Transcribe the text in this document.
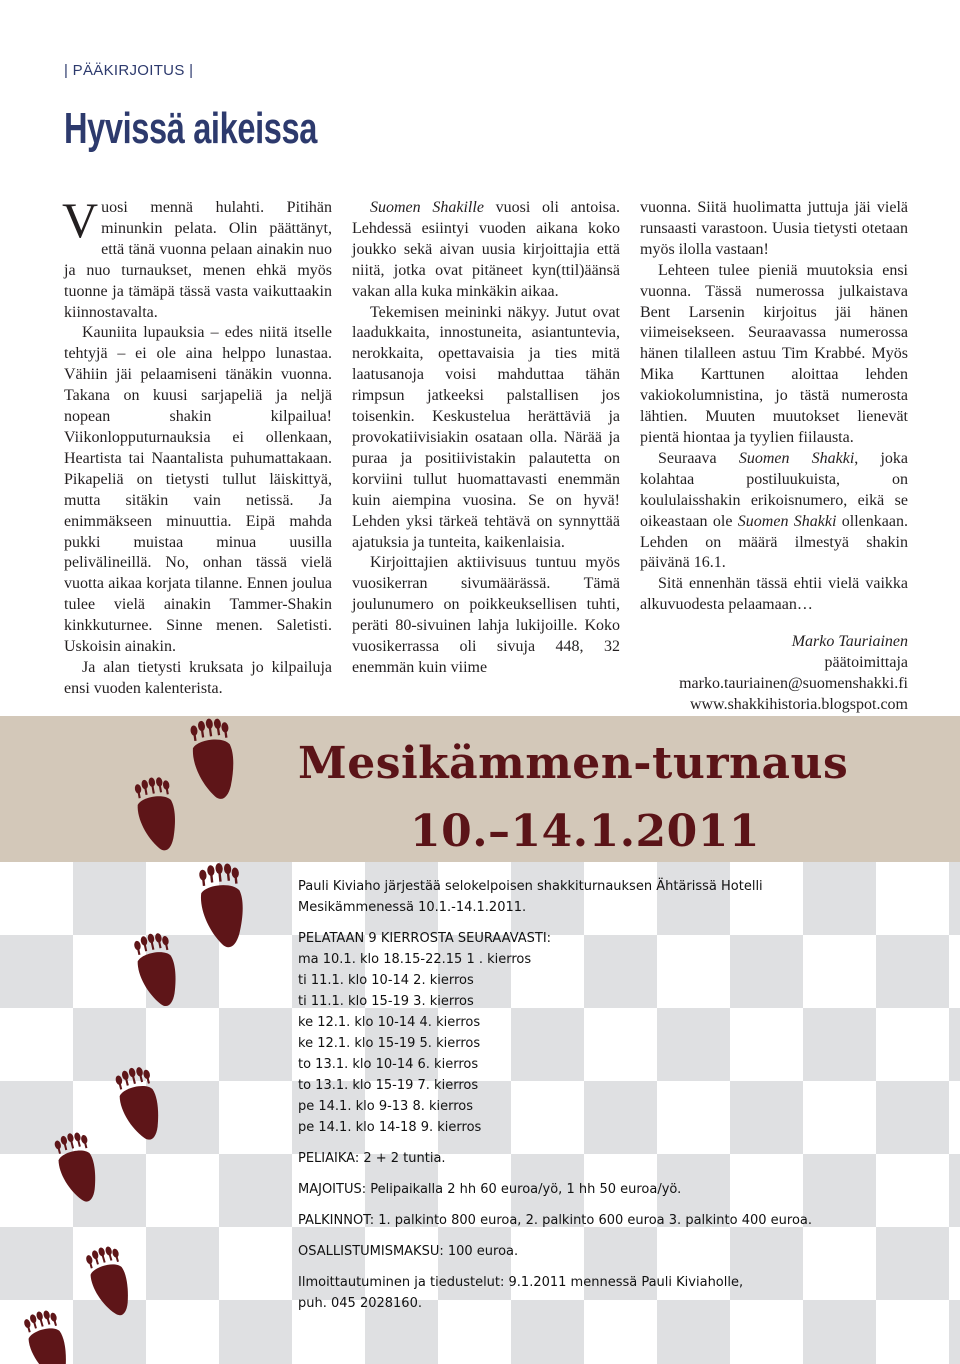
| PÄÄKIRJOITUS |
Hyvissä aikeissa

Vuosi mennä hulahti. Pitihän minunkin pelata. Olin päättänyt, että tänä vuonna pelaan ainakin nuo ja nuo turnaukset, menen ehkä myös tuonne ja tämäpä tässä vasta vaikuttaakin kiinnostavalta.

Kauniita lupauksia – edes niitä itselle tehtyjä – ei ole aina helppo lunastaa. Vähiin jäi pelaamiseni tänäkin vuonna. Takana on kuusi sarjapeliä ja neljä nopean shakin kilpailua! Viikonlopputurnauksia ei ollenkaan, Heartista tai Naantalista puhumattakaan. Pikapeliä on tietysti tullut läiskittyä, mutta sitäkin vain netissä. Ja enimmäkseen minuuttia. Eipä mahda pukki muistaa minua uusilla pelivälineillä. No, onhan tässä vielä vuotta aikaa korjata tilanne. Ennen joulua tulee vielä ainakin Tammer-Shakin kinkkuturnee. Sinne menen. Saletisti. Uskoisin ainakin.

Ja alan tietysti kruksata jo kilpailuja ensi vuoden kalenterista.

Suomen Shakille vuosi oli antoisa. Lehdessä esiintyi vuoden aikana koko joukko sekä aivan uusia kirjoittajia että niitä, jotka ovat pitäneet kyn(ttil)äänsä vakan alla kuka minkäkin aikaa.

Tekemisen meininki näkyy. Jutut ovat laadukkaita, innostuneita, asiantuntevia, nerokkaita, opettavaisia ja ties mitä laatusanoja voisi mahduttaa tähän rimpsun jatkeeksi palstallisen jos toisenkin. Keskustelua herättäviä ja provokatiivisiakin osataan olla. Närää ja puraa ja positiivistakin palautetta on korviini tullut huomattavasti enemmän kuin aiempina vuosina. Se on hyvä! Lehden yksi tärkeä tehtävä on synnyttää ajatuksia ja tunteita, kaikenlaisia.

Kirjoittajien aktiivisuus tuntuu myös vuosikerran sivumäärässä. Tämä joulunumero on poikkeuksellisen tuhti, peräti 80-sivuinen lahja lukijoille. Koko vuosikerrassa oli sivuja 448, 32 enemmän kuin viime

vuonna. Siitä huolimatta juttuja jäi vielä runsaasti varastoon. Uusia tietysti otetaan myös ilolla vastaan!

Lehteen tulee pieniä muutoksia ensi vuonna. Tässä numerossa julkaistava Bent Larsenin kirjoitus jäi hänen viimeisekseen. Seuraavassa numerossa hänen tilalleen astuu Tim Krabbé. Myös Mika Karttunen aloittaa lehden vakiokolumnistina, jo tästä numerosta lähtien. Muuten muutokset lienevät pientä hiontaa ja tyylien fiilausta.

Seuraava Suomen Shakki, joka kolahtaa postiluukuista, on koululaisshakin erikoisnumero, eikä se oikeastaan ole Suomen Shakki ollenkaan. Lehden on määrä ilmestyä shakin päivänä 16.1.

Sitä ennenhän tässä ehtii vielä vaikka alkuvuodesta pelaamaan…

Marko Tauriainen

päätoimittaja

marko.tauriainen@suomenshakki.fi

www.shakkihistoria.blogspot.com

Mesikämmen-turnaus
10.–14.1.2011
Pauli Kiviaho järjestää selokelpoisen shakkiturnauksen Ähtärissä Hotelli
Mesikämmenessä 10.1.-14.1.2011.
PELATAAN 9 KIERROSTA SEURAAVASTI:
ma 10.1. klo 18.15-22.15 1 . kierros
ti 11.1. klo 10-14 2. kierros
ti 11.1. klo 15-19 3. kierros
ke 12.1. klo 10-14 4. kierros
ke 12.1. klo 15-19 5. kierros
to 13.1. klo 10-14 6. kierros
to 13.1. klo 15-19 7. kierros
pe 14.1. klo 9-13 8. kierros
pe 14.1. klo 14-18 9. kierros
PELIAIKA: 2 + 2 tuntia.
MAJOITUS: Pelipaikalla 2 hh 60 euroa/yö, 1 hh 50 euroa/yö.
PALKINNOT: 1. palkinto 800 euroa, 2. palkinto 600 euroa 3. palkinto 400 euroa.
OSALLISTUMISMAKSU: 100 euroa.
Ilmoittautuminen ja tiedustelut: 9.1.2011 mennessä Pauli Kiviaholle,
puh. 045 2028160.
